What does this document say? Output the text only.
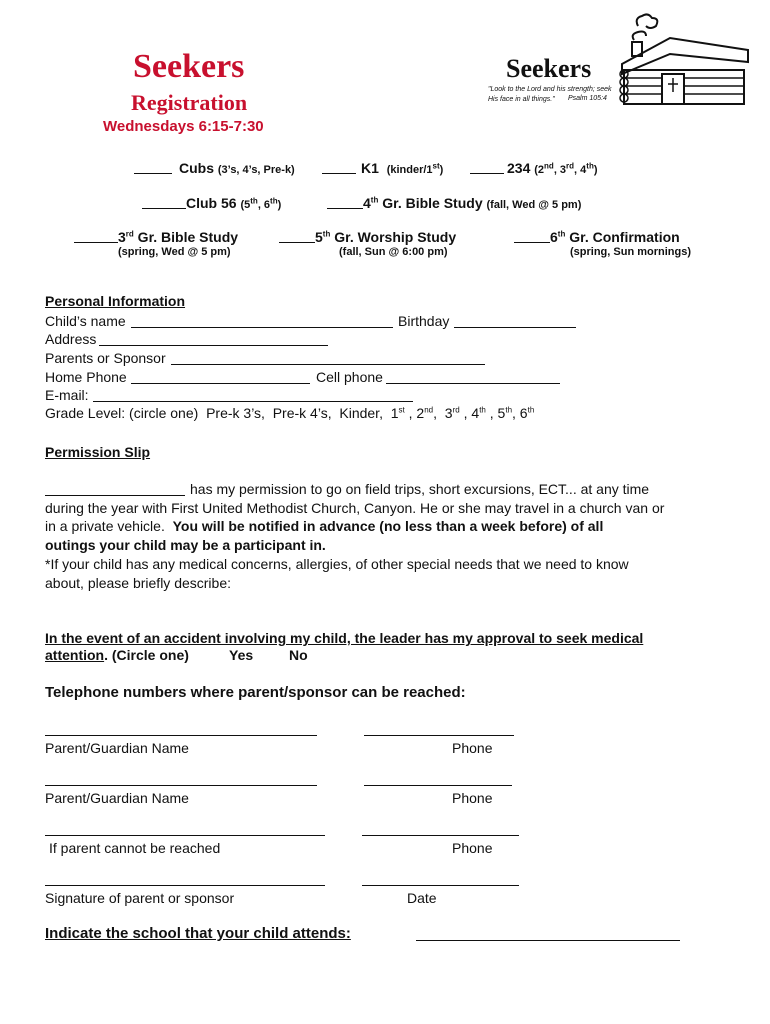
Seekers
Registration
Wednesdays 6:15-7:30
Seekers
"Look to the Lord and his strength; seek His face in all things."	Psalm 105:4
Cubs (3’s, 4’s, Pre-k)	K1 (kinder/1st)	234 (2nd, 3rd, 4th)
Club 56 (5th, 6th)	4th Gr. Bible Study (fall, Wed @ 5 pm)
3rd Gr. Bible Study
(spring, Wed @ 5 pm)
5th Gr. Worship Study
(fall, Sun @ 6:00 pm)
6th Gr. Confirmation
(spring, Sun mornings)
Personal Information
Child’s name	Birthday
Address
Parents or Sponsor
Home Phone	Cell phone
E-mail:
Grade Level: (circle one)  Pre-k 3’s,  Pre-k 4’s,  Kinder,  1st , 2nd,  3rd , 4th , 5th, 6th
Permission Slip
has my permission to go on field trips, short excursions, ECT... at any time
during the year with First United Methodist Church, Canyon. He or she may travel in a church van or
in a private vehicle. You will be notified in advance (no less than a week before) of all
outings your child may be a participant in.
*If your child has any medical concerns, allergies, of other special needs that we need to know
about, please briefly describe:
In the event of an accident involving my child, the leader has my approval to seek medical
attention. (Circle one)	Yes	No
Telephone numbers where parent/sponsor can be reached:
Parent/Guardian Name	Phone
Parent/Guardian Name	Phone
If parent cannot be reached	Phone
Signature of parent or sponsor	Date
Indicate the school that your child attends:
